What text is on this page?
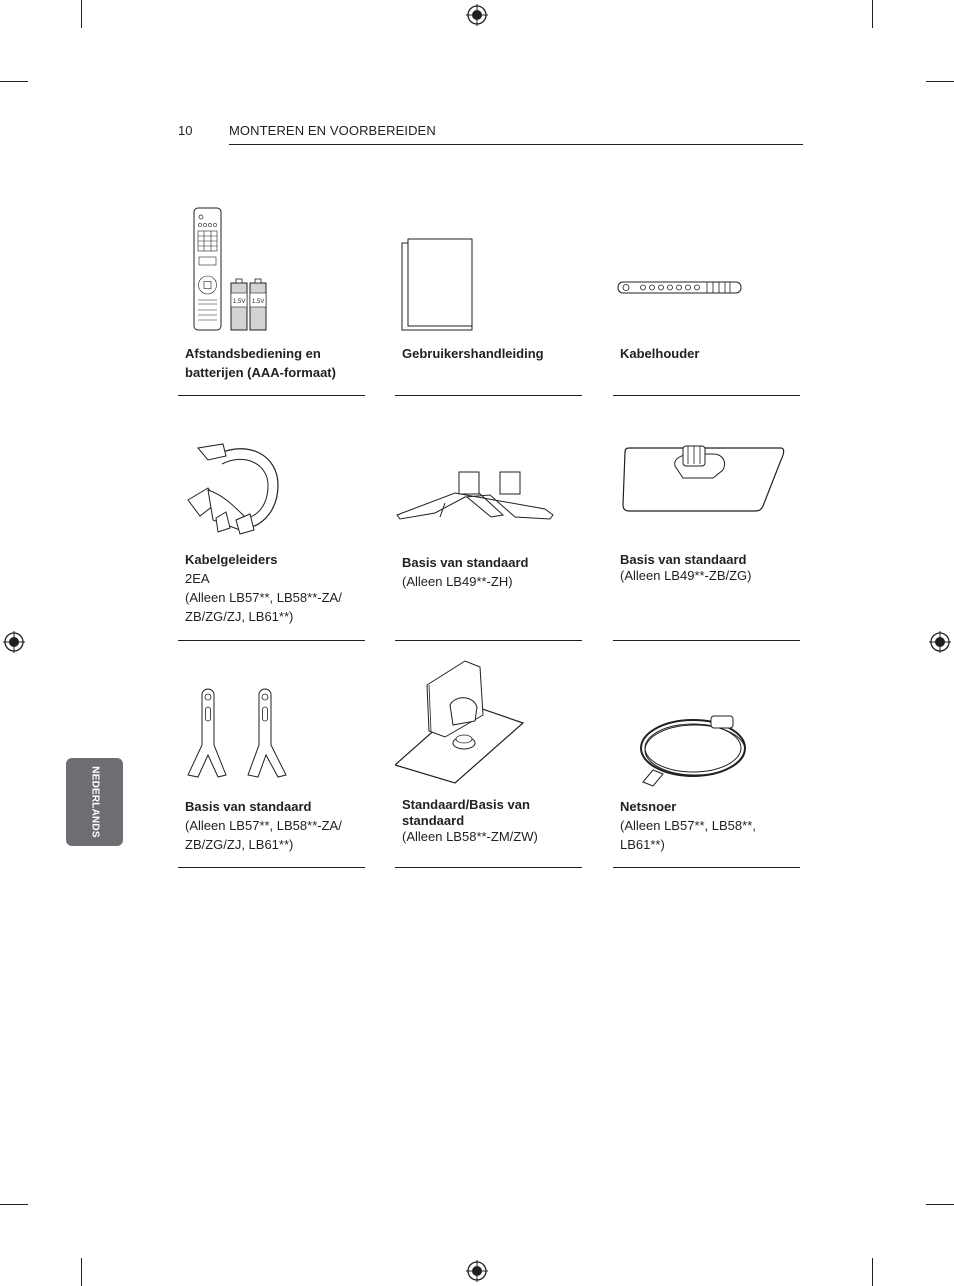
10	MONTEREN EN VOORBEREIDEN
NEDERLANDS
1.5V 1.5V
Afstandsbediening en batterijen (AAA-formaat)
Gebruikershandleiding	Kabelhouder
Kabelgeleiders
2EA
(Alleen LB57**, LB58**-ZA/
ZB/ZG/ZJ, LB61**)
Basis van standaard
(Alleen LB49**-ZH)
Basis van standaard
(Alleen LB49**-ZB/ZG)
Basis van standaard
(Alleen LB57**, LB58**-ZA/
ZB/ZG/ZJ, LB61**)
Standaard/Basis van standaard
(Alleen LB58**-ZM/ZW)
Netsnoer
(Alleen LB57**, LB58**,
LB61**)
